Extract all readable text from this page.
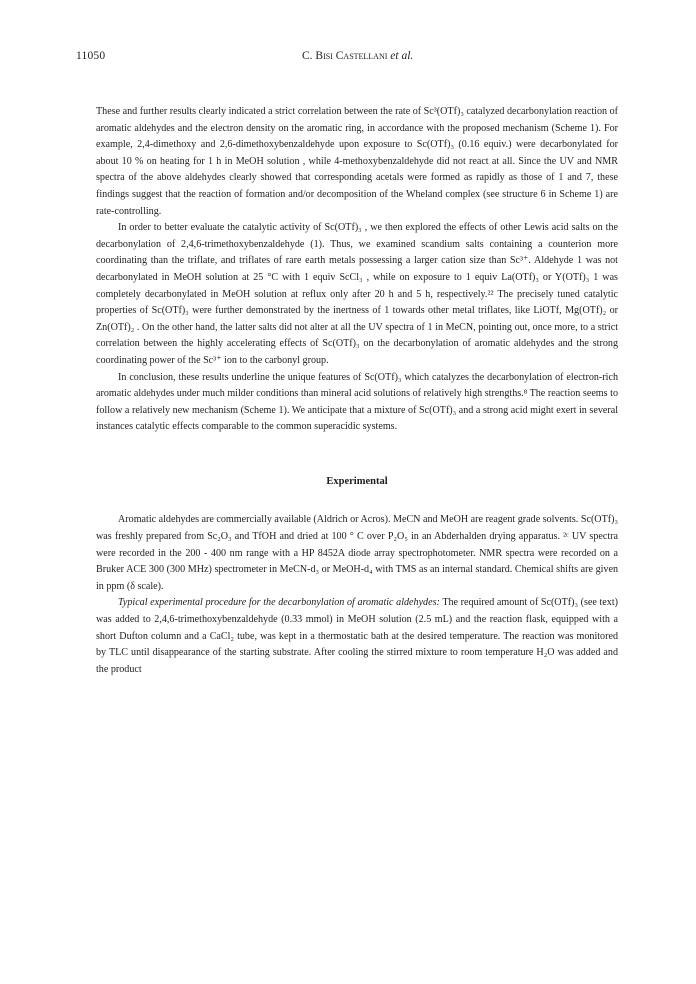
11050	C. Bisi Castellani et al.

These and further results clearly indicated a strict correlation between the rate of Sc³(OTf)₃ catalyzed decarbonylation reaction of aromatic aldehydes and the electron density on the aromatic ring, in accordance with the proposed mechanism (Scheme 1). For example, 2,4-dimethoxy and 2,6-dimethoxybenzaldehyde upon exposure to Sc(OTf)₃ (0.16 equiv.) were decarbonylated for about 10 % on heating for 1 h in MeOH solution , while 4-methoxybenzaldehyde did not react at all. Since the UV and NMR spectra of the above aldehydes clearly showed that corresponding acetals were formed as rapidly as those of 1 and 7, these findings suggest that the reaction of formation and/or decomposition of the Wheland complex (see structure 6 in Scheme 1) are rate-controlling.

In order to better evaluate the catalytic activity of Sc(OTf)₃ , we then explored the effects of other Lewis acid salts on the decarbonylation of 2,4,6-trimethoxybenzaldehyde (1). Thus, we examined scandium salts containing a counterion more coordinating than the triflate, and triflates of rare earth metals possessing a larger cation size than Sc³⁺. Aldehyde 1 was not decarbonylated in MeOH solution at 25 °C with 1 equiv ScCl₃ , while on exposure to 1 equiv La(OTf)₃ or Y(OTf)₃ 1 was completely decarbonylated in MeOH solution at reflux only after 20 h and 5 h, respectively.²² The precisely tuned catalytic properties of Sc(OTf)₃ were further demonstrated by the inertness of 1 towards other metal triflates, like LiOTf, Mg(OTf)₂ or Zn(OTf)₂ . On the other hand, the latter salts did not alter at all the UV spectra of 1 in MeCN, pointing out, once more, to a strict correlation between the highly accelerating effects of Sc(OTf)₃ on the decarbonylation of aromatic aldehydes and the strong coordinating power of the Sc³⁺ ion to the carbonyl group.

In conclusion, these results underline the unique features of Sc(OTf)₃ which catalyzes the decarbonylation of electron-rich aromatic aldehydes under much milder conditions than mineral acid solutions of relatively high strengths.⁸ The reaction seems to follow a relatively new mechanism (Scheme 1). We anticipate that a mixture of Sc(OTf)₃ and a strong acid might exert in several instances catalytic effects comparable to the common superacidic systems.

Experimental

Aromatic aldehydes are commercially available (Aldrich or Acros). MeCN and MeOH are reagent grade solvents. Sc(OTf)₃ was freshly prepared from Sc₂O₃ and TfOH and dried at 100 ° C over P₂O₅ in an Abderhalden drying apparatus. ²ᶜ UV spectra were recorded in the 200 - 400 nm range with a HP 8452A diode array spectrophotometer. NMR spectra were recorded on a Bruker ACE 300 (300 MHz) spectrometer in MeCN-d₃ or MeOH-d₄ with TMS as an internal standard. Chemical shifts are given in ppm (δ scale).

Typical experimental procedure for the decarbonylation of aromatic aldehydes: The required amount of Sc(OTf)₃ (see text) was added to 2,4,6-trimethoxybenzaldehyde (0.33 mmol) in MeOH solution (2.5 mL) and the reaction flask, equipped with a short Dufton column and a CaCl₂ tube, was kept in a thermostatic bath at the desired temperature. The reaction was monitored by TLC until disappearance of the starting substrate. After cooling the stirred mixture to room temperature H₂O was added and the product
